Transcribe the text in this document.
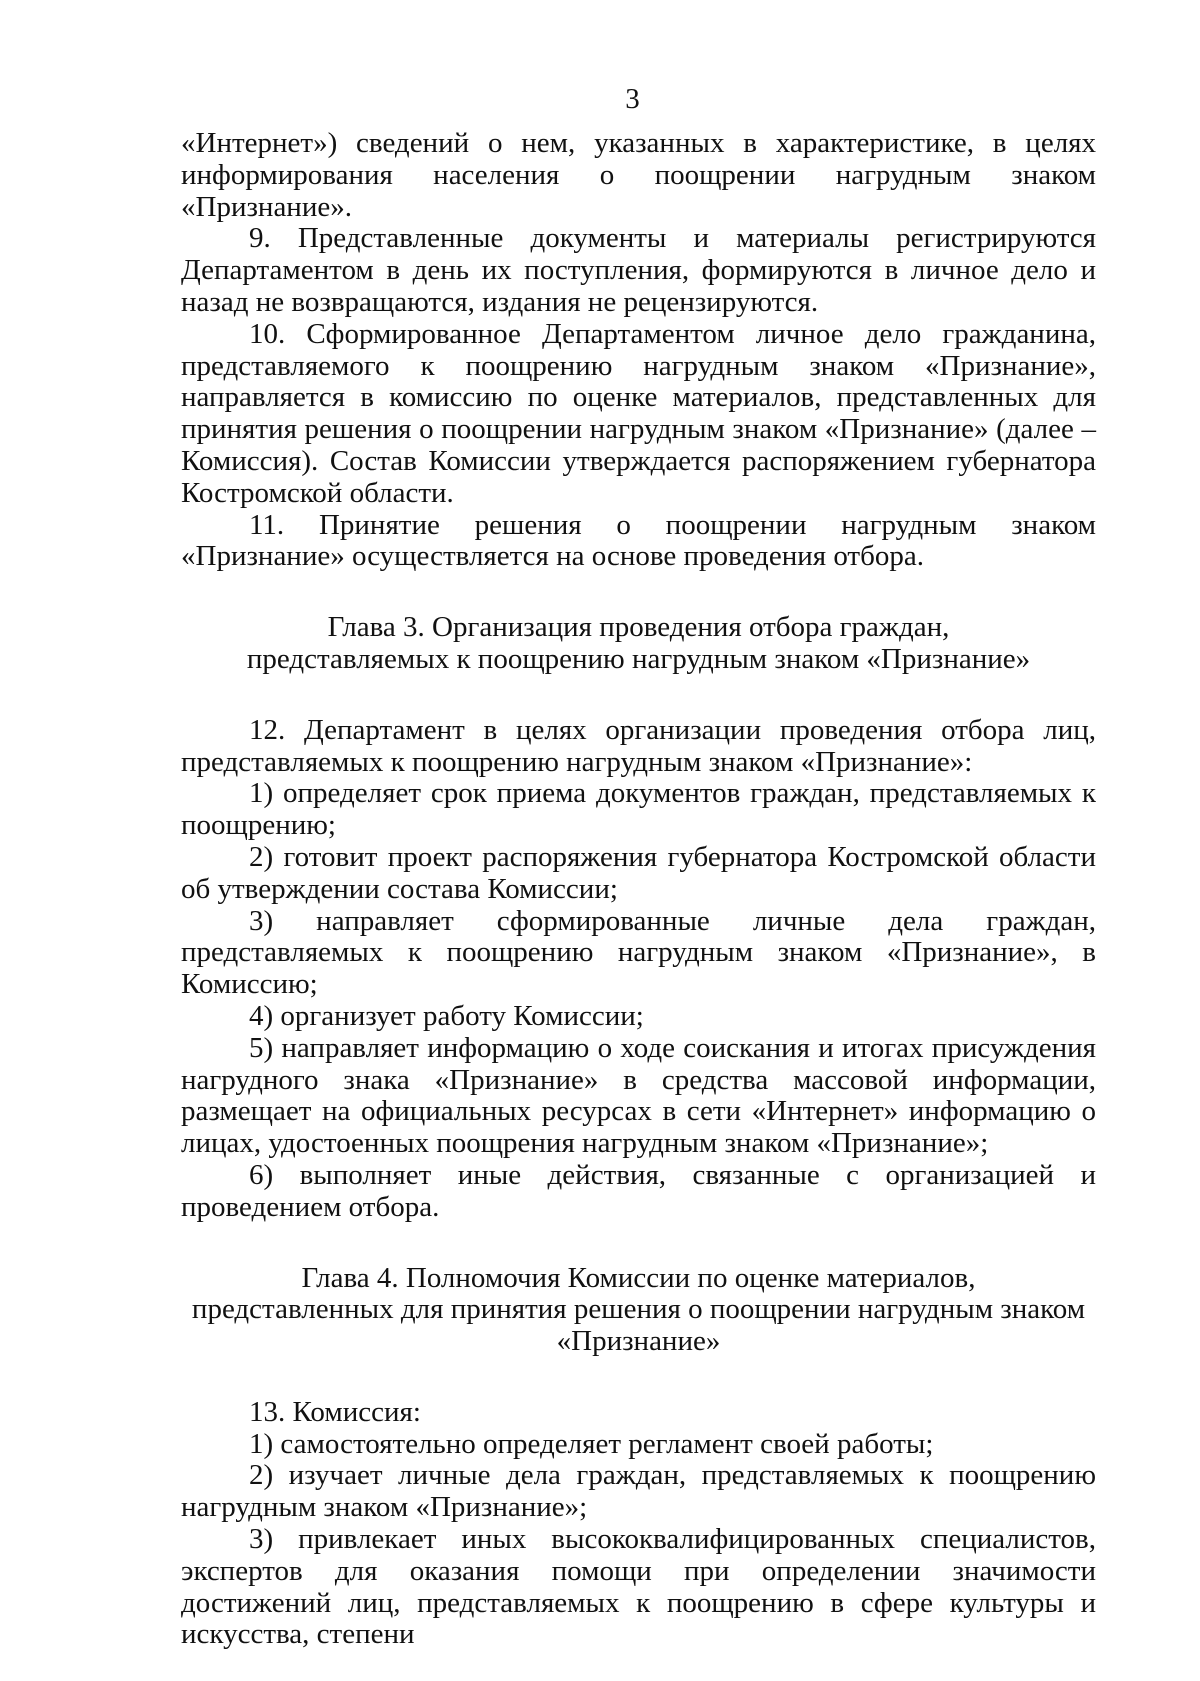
3

«Интернет») сведений о нем, указанных в характеристике, в целях информирования населения о поощрении нагрудным знаком «Признание».

9. Представленные документы и материалы регистрируются Департаментом в день их поступления, формируются в личное дело и назад не возвращаются, издания не рецензируются.

10. Сформированное Департаментом личное дело гражданина, представляемого к поощрению нагрудным знаком «Признание», направляется в комиссию по оценке материалов, представленных для принятия решения о поощрении нагрудным знаком «Признание» (далее – Комиссия). Состав Комиссии утверждается распоряжением губернатора Костромской области.

11. Принятие решения о поощрении нагрудным знаком «Признание» осуществляется на основе проведения отбора.

Глава 3. Организация проведения отбора граждан,
представляемых к поощрению нагрудным знаком «Признание»

12. Департамент в целях организации проведения отбора лиц, представляемых к поощрению нагрудным знаком «Признание»:

1) определяет срок приема документов граждан, представляемых к поощрению;

2) готовит проект распоряжения губернатора Костромской области об утверждении состава Комиссии;

3) направляет сформированные личные дела граждан, представляемых к поощрению нагрудным знаком «Признание», в Комиссию;

4) организует работу Комиссии;

5) направляет информацию о ходе соискания и итогах присуждения нагрудного знака «Признание» в средства массовой информации, размещает на официальных ресурсах в сети «Интернет» информацию о лицах, удостоенных поощрения нагрудным знаком «Признание»;

6) выполняет иные действия, связанные с организацией и проведением отбора.

Глава 4. Полномочия Комиссии по оценке материалов,
представленных для принятия решения о поощрении нагрудным знаком
«Признание»

13. Комиссия:

1) самостоятельно определяет регламент своей работы;

2) изучает личные дела граждан, представляемых к поощрению нагрудным знаком «Признание»;

3) привлекает иных высококвалифицированных специалистов, экспертов для оказания помощи при определении значимости достижений лиц, представляемых к поощрению в сфере культуры и искусства, степени
